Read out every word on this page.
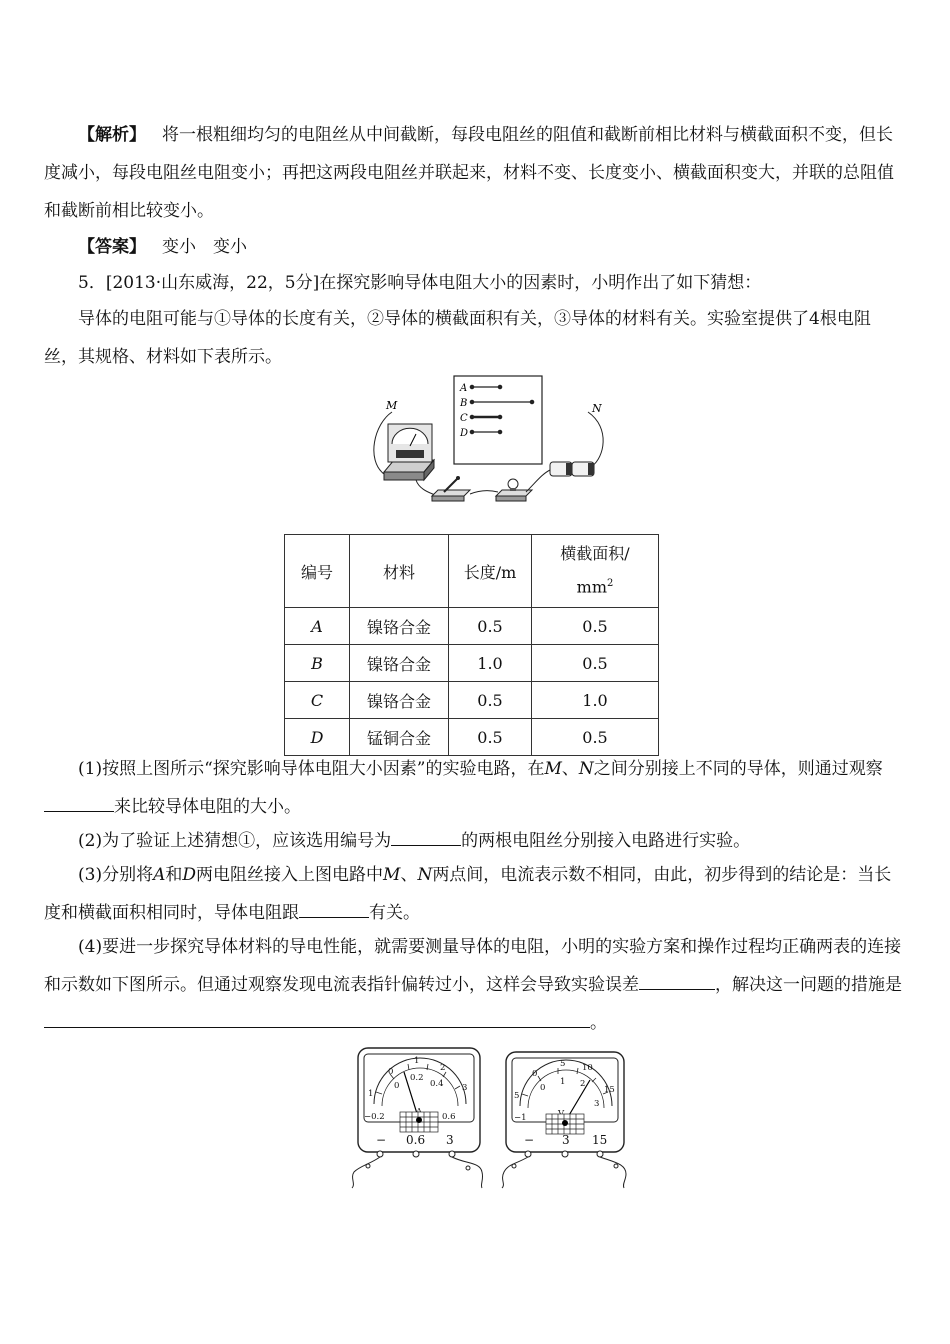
【解析】 将一根粗细均匀的电阻丝从中间截断，每段电阻丝的阻值和截断前相比材料与横截面积不变，但长度减小，每段电阻丝电阻变小；再把这两段电阻丝并联起来，材料不变、长度变小、横截面积变大，并联的总阻值和截断前相比较变小。

【答案】 变小　变小

5．[2013·山东威海，22，5分]在探究影响导体电阻大小的因素时，小明作出了如下猜想：

导体的电阻可能与①导体的长度有关，②导体的横截面积有关，③导体的材料有关。实验室提供了4根电阻丝，其规格、材料如下表所示。

A
B
C
D
M	N
编号	材料	长度/m	横截面积/
$mm^2$
A	镍铬合金	0.5	0.5
B	镍铬合金	1.0	0.5
C	镍铬合金	0.5	1.0
D	锰铜合金	0.5	0.5

(1)按照上图所示“探究影响导体电阻大小因素”的实验电路，在M、N之间分别接上不同的导体，则通过观察来比较导体电阻的大小。

(2)为了验证上述猜想①，应该选用编号为	的两根电阻丝分别接入电路进行实验。

(3)分别将A和D两电阻丝接入上图电路中M、N两点间，电流表示数不相同，由此，初步得到的结论是：当长度和横截面积相同时，导体电阻跟	有关。

(4)要进一步探究导体材料的导电性能，就需要测量导体的电阻，小明的实验方案和操作过程均正确两表的连接和示数如下图所示。但通过观察发现电流表指针偏转过小，这样会导致实验误差	，解决这一问题的措施是。

1
−0.2
0
1
2
3
0
0.2
0.4
0.6
− 0.6 3
5
−1
0
5 10
15
0
1 2
3
− 3 15
